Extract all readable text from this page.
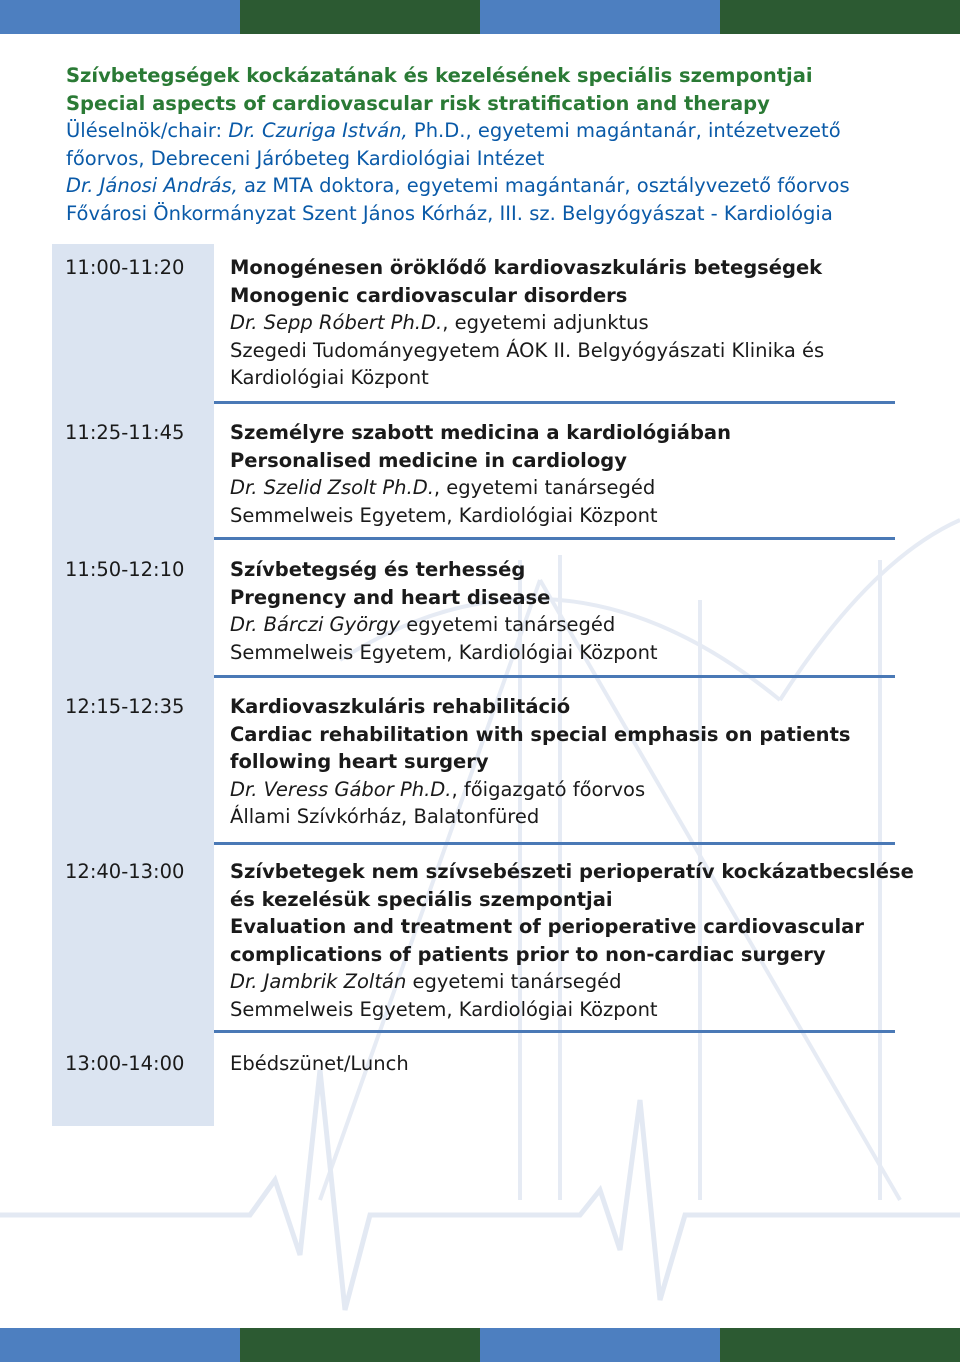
Szívbetegségek kockázatának és kezelésének speciális szempontjai
Special aspects of cardiovascular risk stratification and therapy
Üléselnök/chair: Dr. Czuriga István, Ph.D., egyetemi magántanár, intézetvezető
főorvos, Debreceni Járóbeteg Kardiológiai Intézet
Dr. Jánosi András, az MTA doktora, egyetemi magántanár, osztályvezető főorvos
Fővárosi Önkormányzat Szent János Kórház, III. sz. Belgyógyászat - Kardiológia
11:00-11:20 Monogénesen öröklődő kardiovaszkuláris betegségek
Monogenic cardiovascular disorders
Dr. Sepp Róbert Ph.D., egyetemi adjunktus
Szegedi Tudományegyetem ÁOK II. Belgyógyászati Klinika és
Kardiológiai Központ
11:25-11:45 Személyre szabott medicina a kardiológiában
Personalised medicine in cardiology
Dr. Szelid Zsolt Ph.D., egyetemi tanársegéd
Semmelweis Egyetem, Kardiológiai Központ
11:50-12:10 Szívbetegség és terhesség
Pregnency and heart disease
Dr. Bárczi György egyetemi tanársegéd
Semmelweis Egyetem, Kardiológiai Központ
12:15-12:35 Kardiovaszkuláris rehabilitáció
Cardiac rehabilitation with special emphasis on patients
following heart surgery
Dr. Veress Gábor Ph.D., főigazgató főorvos
Állami Szívkórház, Balatonfüred
12:40-13:00 Szívbetegek nem szívsebészeti perioperatív kockázatbecslése
és kezelésük speciális szempontjai
Evaluation and treatment of perioperative cardiovascular
complications of patients prior to non-cardiac surgery
Dr. Jambrik Zoltán egyetemi tanársegéd
Semmelweis Egyetem, Kardiológiai Központ
13:00-14:00 Ebédszünet/Lunch
